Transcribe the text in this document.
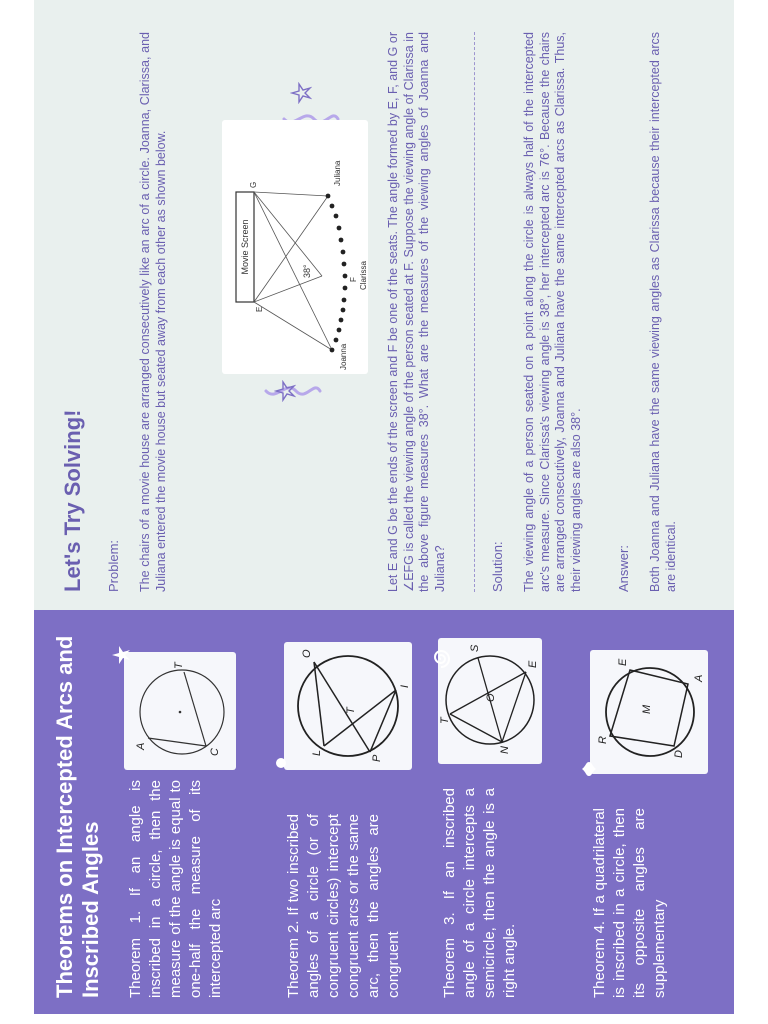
Theorems on Intercepted Arcs and Inscribed Angles Theorem 1. If an angle is inscribed in a circle, then the measure of the angle is equal to one-half the measure of its intercepted arc

A
T
C

Theorem 2. If two inscribed angles of a circle (or of congruent circles) intercept congruent arcs or the same arc, then the angles are congruent

O
T
L
P
I

Theorem 3. If an inscribed angle of a circle intercepts a semicircle, then the angle is a right angle.

S
O
N
T
E

Theorem 4. If a quadrilateral is inscribed in a circle, then its opposite angles are supplementary

R
E
M
D
A
Let's Try Solving! Problem: The chairs of a movie house are arranged consecutively like an arc of a circle. Joanna, Clarissa, and Juliana entered the movie house but seated away from each other as shown below.	Movie Screen	38°
E
G
F
Joanna
Clarissa
Juliana	Let E and G be the ends of the screen and F be one of the seats. The angle formed by E, F, and G or ∠EFG is called the viewing angle of the person seated at F. Suppose the viewing angle of Clarissa in the above figure measures 38°. What are the measures of the viewing angles of Joanna and Juliana?	Solution: The viewing angle of a person seated on a point along the circle is always half of the intercepted arc's measure. Since Clarissa's viewing angle is 38°, her intercepted arc is 76°. Because the chairs are arranged consecutively, Joanna and Juliana have the same intercepted arcs as Clarissa. Thus, their viewing angles are also 38°.	Answer: Both Joanna and Juliana have the same viewing angles as Clarissa because their intercepted arcs are identical.
